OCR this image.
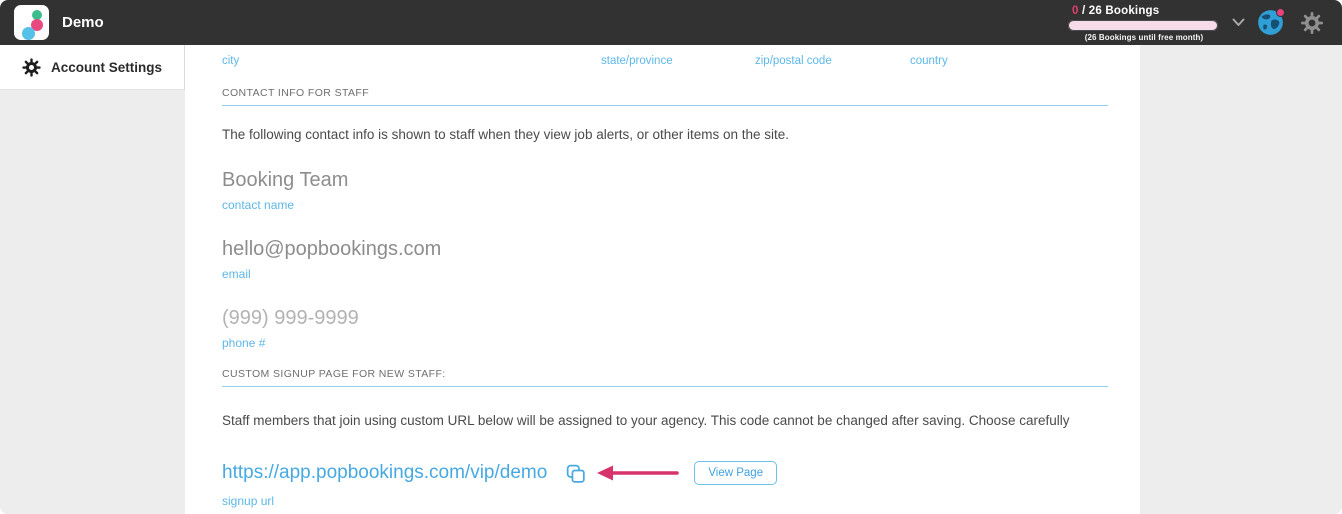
Demo
0 / 26 Bookings
(26 Bookings until free month)
Account Settings	city	state/province	zip/postal code	country
CONTACT INFO FOR STAFF

The following contact info is shown to staff when they view job alerts, or other items on the site.

Booking Team
contact name
hello@popbookings.com
email
(999) 999-9999
phone #
CUSTOM SIGNUP PAGE FOR NEW STAFF:

Staff members that join using custom URL below will be assigned to your agency. This code cannot be changed after saving. Choose carefully

https://app.popbookings.com/vip/demo	View Page
signup url
